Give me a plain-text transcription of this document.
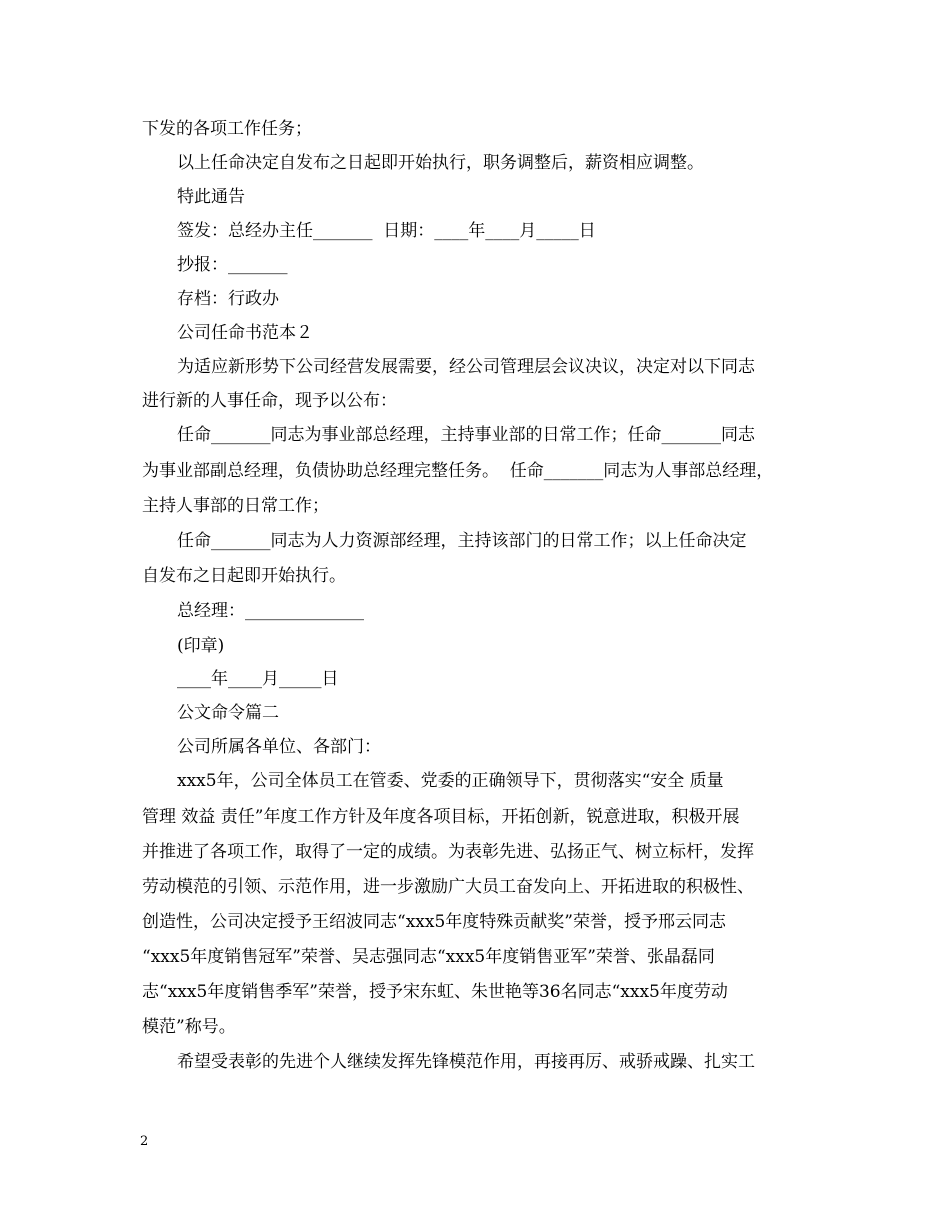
下发的各项工作任务；
以上任命决定自发布之日起即开始执行，职务调整后，薪资相应调整。
特此通告
签发：总经办主任_______  日期：____年____月_____日
抄报：_______
存档：行政办
公司任命书范本２
为适应新形势下公司经营发展需要，经公司管理层会议决议，决定对以下同志
进行新的人事任命，现予以公布：
任命_______同志为事业部总经理，主持事业部的日常工作；任命_______同志
为事业部副总经理，负债协助总经理完整任务。  任命_______同志为人事部总经理，
主持人事部的日常工作；
任命_______同志为人力资源部经理，主持该部门的日常工作；以上任命决定
自发布之日起即开始执行。
总经理：______________
(印章)
____年____月_____日
公文命令篇二
公司所属各单位、各部门：
xxx5年，公司全体员工在管委、党委的正确领导下，贯彻落实“安全 质量
管理 效益 责任”年度工作方针及年度各项目标，开拓创新，锐意进取，积极开展
并推进了各项工作，取得了一定的成绩。为表彰先进、弘扬正气、树立标杆，发挥
劳动模范的引领、示范作用，进一步激励广大员工奋发向上、开拓进取的积极性、
创造性，公司决定授予王绍波同志“xxx5年度特殊贡献奖”荣誉，授予邢云同志
“xxx5年度销售冠军”荣誉、吴志强同志“xxx5年度销售亚军”荣誉、张晶磊同
志“xxx5年度销售季军”荣誉，授予宋东虹、朱世艳等36名同志“xxx5年度劳动
模范”称号。
希望受表彰的先进个人继续发挥先锋模范作用，再接再厉、戒骄戒躁、扎实工
2
